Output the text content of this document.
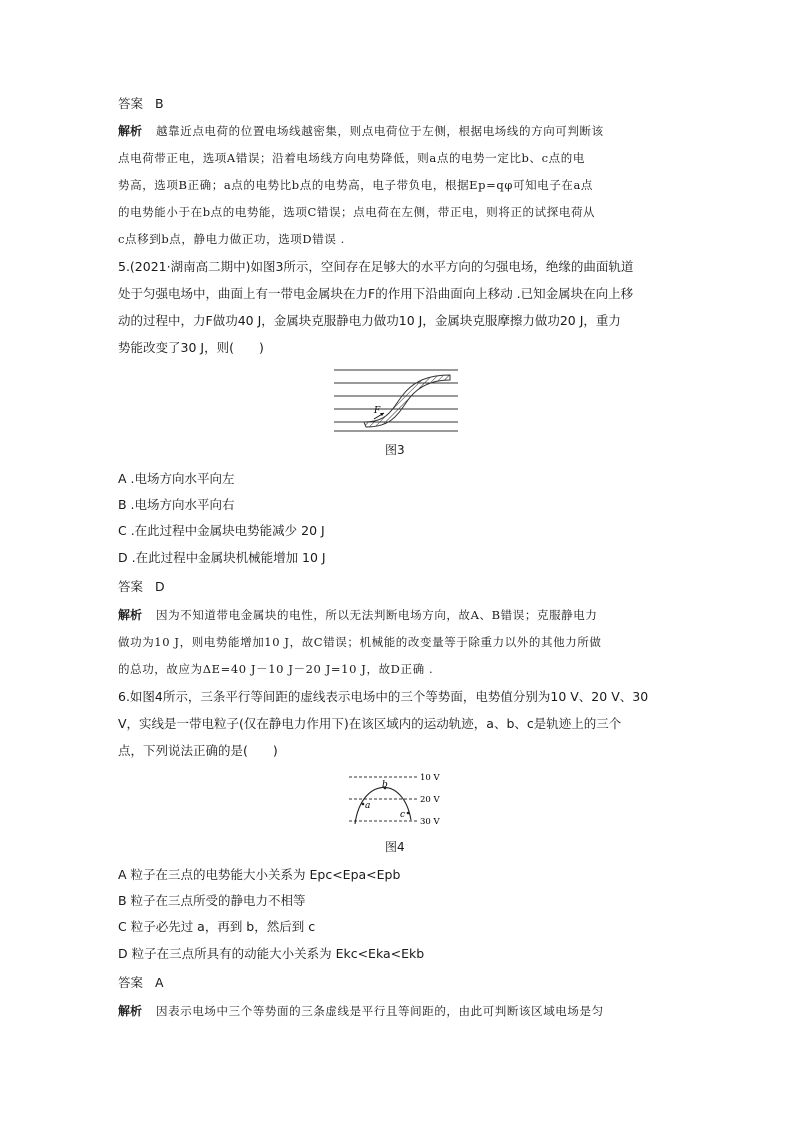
答案 B
解析 越靠近点电荷的位置电场线越密集，则点电荷位于左侧，根据电场线的方向可判断该
点电荷带正电，选项A错误；沿着电场线方向电势降低，则a点的电势一定比b、c点的电
势高，选项B正确；a点的电势比b点的电势高，电子带负电，根据Ep=qφ可知电子在a点
的电势能小于在b点的电势能，选项C错误；点电荷在左侧，带正电，则将正的试探电荷从
c点移到b点，静电力做正功，选项D错误 .
5.(2021·湖南高二期中)如图3所示，空间存在足够大的水平方向的匀强电场，绝缘的曲面轨道
处于匀强电场中，曲面上有一带电金属块在力F的作用下沿曲面向上移动 .已知金属块在向上移
动的过程中，力F做功40 J，金属块克服静电力做功10 J，金属块克服摩擦力做功20 J，重力
势能改变了30 J，则(　　)
F
图3
A .电场方向水平向左
B .电场方向水平向右
C .在此过程中金属块电势能减少 20 J
D .在此过程中金属块机械能增加 10 J
答案 D
解析 因为不知道带电金属块的电性，所以无法判断电场方向，故A、B错误；克服静电力
做功为10 J，则电势能增加10 J，故C错误；机械能的改变量等于除重力以外的其他力所做
的总功，故应为ΔE=40 J－10 J－20 J=10 J，故D正确 .
6.如图4所示，三条平行等间距的虚线表示电场中的三个等势面，电势值分别为10 V、20 V、30
V，实线是一带电粒子(仅在静电力作用下)在该区域内的运动轨迹，a、b、c是轨迹上的三个
点，下列说法正确的是(　　)
a
b
c
10 V
20 V
30 V
图4
A 粒子在三点的电势能大小关系为 Epc<Epa<Epb
B 粒子在三点所受的静电力不相等
C 粒子必先过 a，再到 b，然后到 c
D 粒子在三点所具有的动能大小关系为 Ekc<Eka<Ekb
答案 A
解析 因表示电场中三个等势面的三条虚线是平行且等间距的，由此可判断该区域电场是匀
